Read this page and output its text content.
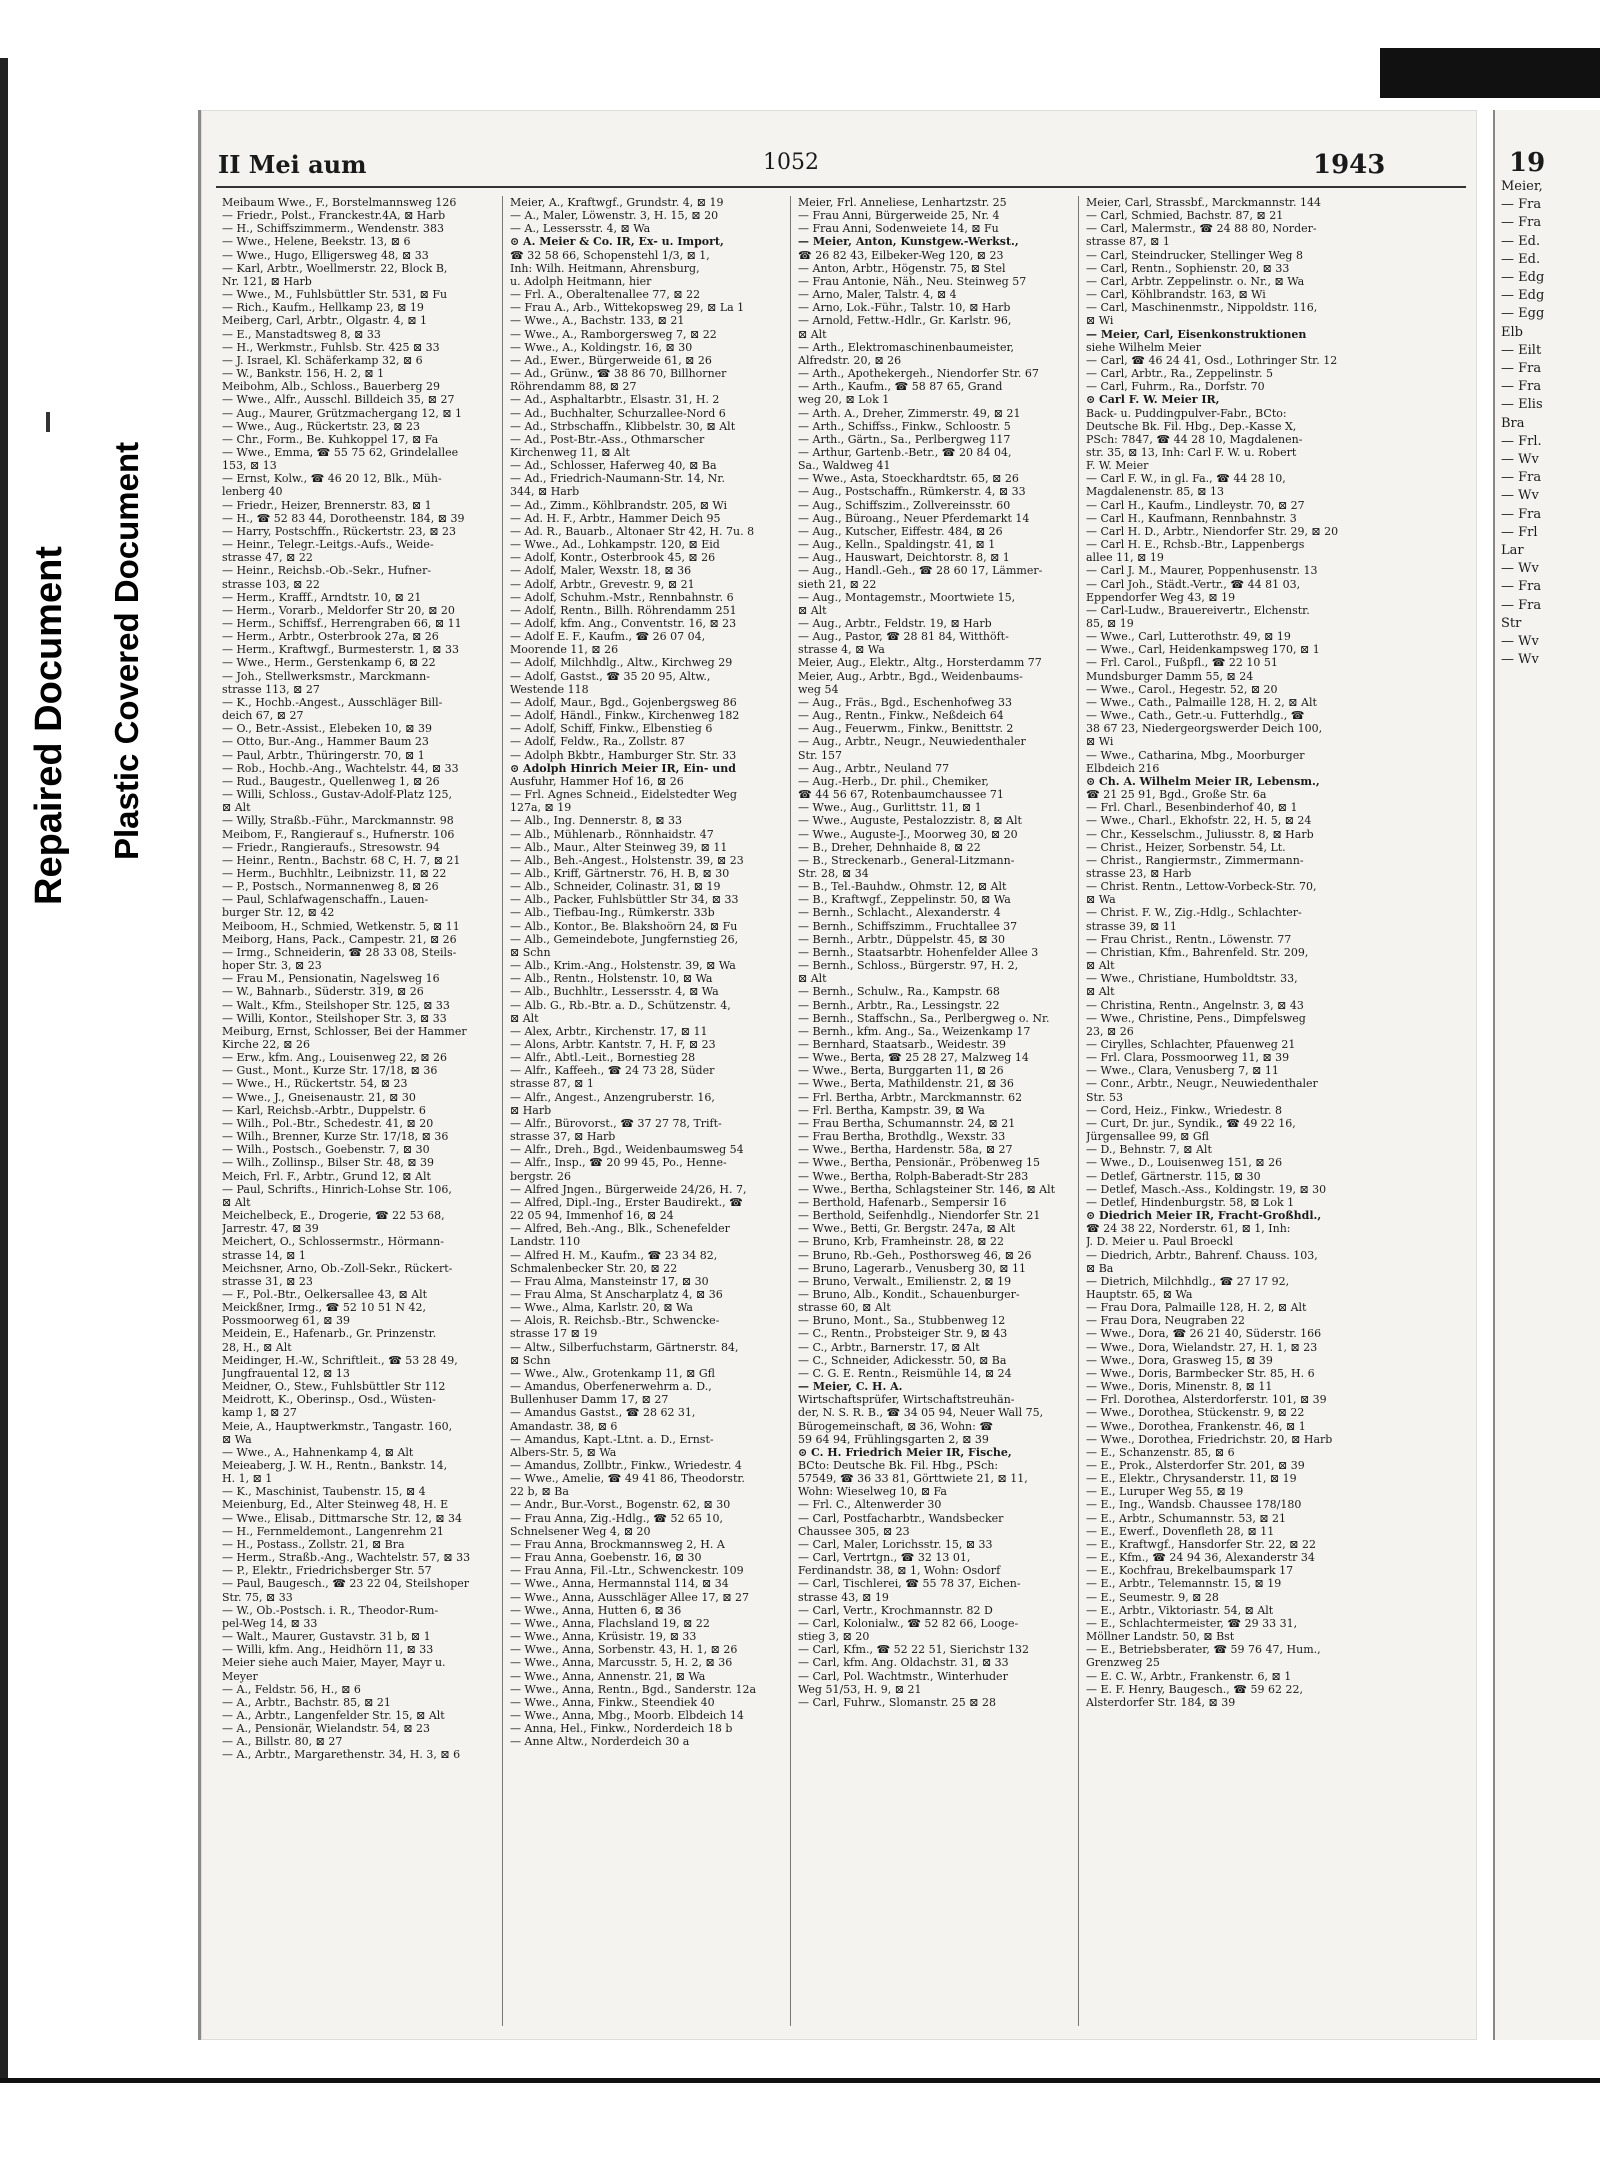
Repaired Document Plastic Covered Document
19
Meier,
— Fra
— Fra
— Ed.
— Ed.
— Edg
— Edg
— Egg
Elb
— Eilt
— Fra
— Fra
— Elis
Bra
— Frl.
— Wv
— Fra
— Wv
— Fra
— Frl
Lar
— Wv
— Fra
— Fra
Str
— Wv
— Wv
II Mei aum	1052	1943
Meibaum Wwe., F., Borstelmannsweg 126
— Friedr., Polst., Franckestr.4A, ⊠ Harb
— H., Schiffszimmerm., Wendenstr. 383
— Wwe., Helene, Beekstr. 13, ⊠ 6
— Wwe., Hugo, Elligersweg 48, ⊠ 33
— Karl, Arbtr., Woellmerstr. 22, Block B,
Nr. 121, ⊠ Harb
— Wwe., M., Fuhlsbüttler Str. 531, ⊠ Fu
— Rich., Kaufm., Hellkamp 23, ⊠ 19
Meiberg, Carl, Arbtr., Olgastr. 4, ⊠ 1
— E., Manstadtsweg 8, ⊠ 33
— H., Werkmstr., Fuhlsb. Str. 425 ⊠ 33
— J. Israel, Kl. Schäferkamp 32, ⊠ 6
— W., Bankstr. 156, H. 2, ⊠ 1
Meibohm, Alb., Schloss., Bauerberg 29
— Wwe., Alfr., Ausschl. Billdeich 35, ⊠ 27
— Aug., Maurer, Grützmachergang 12, ⊠ 1
— Wwe., Aug., Rückertstr. 23, ⊠ 23
— Chr., Form., Be. Kuhkoppel 17, ⊠ Fa
— Wwe., Emma, ☎ 55 75 62, Grindelallee
153, ⊠ 13
— Ernst, Kolw., ☎ 46 20 12, Blk., Müh-
lenberg 40
— Friedr., Heizer, Brennerstr. 83, ⊠ 1
— H., ☎ 52 83 44, Dorotheenstr. 184, ⊠ 39
— Harry, Postschffn., Rückertstr. 23, ⊠ 23
— Heinr., Telegr.-Leitgs.-Aufs., Weide-
strasse 47, ⊠ 22
— Heinr., Reichsb.-Ob.-Sekr., Hufner-
strasse 103, ⊠ 22
— Herm., Krafff., Arndtstr. 10, ⊠ 21
— Herm., Vorarb., Meldorfer Str 20, ⊠ 20
— Herm., Schiffsf., Herrengraben 66, ⊠ 11
— Herm., Arbtr., Osterbrook 27a, ⊠ 26
— Herm., Kraftwgf., Burmesterstr. 1, ⊠ 33
— Wwe., Herm., Gerstenkamp 6, ⊠ 22
— Joh., Stellwerksmstr., Marckmann-
strasse 113, ⊠ 27
— K., Hochb.-Angest., Ausschläger Bill-
deich 67, ⊠ 27
— O., Betr.-Assist., Elebeken 10, ⊠ 39
— Otto, Bur.-Ang., Hammer Baum 23
— Paul, Arbtr., Thüringerstr. 70, ⊠ 1
— Rob., Hochb.-Ang., Wachtelstr. 44, ⊠ 33
— Rud., Baugestr., Quellenweg 1, ⊠ 26
— Willi, Schloss., Gustav-Adolf-Platz 125,
⊠ Alt
— Willy, Straßb.-Führ., Marckmannstr. 98
Meibom, F., Rangierauf s., Hufnerstr. 106
— Friedr., Rangieraufs., Stresowstr. 94
— Heinr., Rentn., Bachstr. 68 C, H. 7, ⊠ 21
— Herm., Buchhltr., Leibnizstr. 11, ⊠ 22
— P., Postsch., Normannenweg 8, ⊠ 26
— Paul, Schlafwagenschaffn., Lauen-
burger Str. 12, ⊠ 42
Meiboom, H., Schmied, Wetkenstr. 5, ⊠ 11
Meiborg, Hans, Pack., Campestr. 21, ⊠ 26
— Irmg., Schneiderin, ☎ 28 33 08, Steils-
hoper Str. 3, ⊠ 23
— Frau M., Pensionatin, Nagelsweg 16
— W., Bahnarb., Süderstr. 319, ⊠ 26
— Walt., Kfm., Steilshoper Str. 125, ⊠ 33
— Willi, Kontor., Steilshoper Str. 3, ⊠ 33
Meiburg, Ernst, Schlosser, Bei der Hammer
Kirche 22, ⊠ 26
— Erw., kfm. Ang., Louisenweg 22, ⊠ 26
— Gust., Mont., Kurze Str. 17/18, ⊠ 36
— Wwe., H., Rückertstr. 54, ⊠ 23
— Wwe., J., Gneisenaustr. 21, ⊠ 30
— Karl, Reichsb.-Arbtr., Duppelstr. 6
— Wilh., Pol.-Btr., Schedestr. 41, ⊠ 20
— Wilh., Brenner, Kurze Str. 17/18, ⊠ 36
— Wilh., Postsch., Goebenstr. 7, ⊠ 30
— Wilh., Zollinsp., Bilser Str. 48, ⊠ 39
Meich, Frl. F., Arbtr., Grund 12, ⊠ Alt
— Paul, Schrifts., Hinrich-Lohse Str. 106,
⊠ Alt
Meichelbeck, E., Drogerie, ☎ 22 53 68,
Jarrestr. 47, ⊠ 39
Meichert, O., Schlossermstr., Hörmann-
strasse 14, ⊠ 1
Meichsner, Arno, Ob.-Zoll-Sekr., Rückert-
strasse 31, ⊠ 23
— F., Pol.-Btr., Oelkersallee 43, ⊠ Alt
Meickßner, Irmg., ☎ 52 10 51 N 42,
Possmoorweg 61, ⊠ 39
Meidein, E., Hafenarb., Gr. Prinzenstr.
28, H., ⊠ Alt
Meidinger, H.-W., Schriftleit., ☎ 53 28 49,
Jungfrauental 12, ⊠ 13
Meidner, O., Stew., Fuhlsbüttler Str 112
Meidrott, K., Oberinsp., Osd., Wüsten-
kamp 1, ⊠ 27
Meie, A., Hauptwerkmstr., Tangastr. 160,
⊠ Wa
— Wwe., A., Hahnenkamp 4, ⊠ Alt
Meieaberg, J. W. H., Rentn., Bankstr. 14,
H. 1, ⊠ 1
— K., Maschinist, Taubenstr. 15, ⊠ 4
Meienburg, Ed., Alter Steinweg 48, H. E
— Wwe., Elisab., Dittmarsche Str. 12, ⊠ 34
— H., Fernmeldemont., Langenrehm 21
— H., Postass., Zollstr. 21, ⊠ Bra
— Herm., Straßb.-Ang., Wachtelstr. 57, ⊠ 33
— P., Elektr., Friedrichsberger Str. 57
— Paul, Baugesch., ☎ 23 22 04, Steilshoper
Str. 75, ⊠ 33
— W., Ob.-Postsch. i. R., Theodor-Rum-
pel-Weg 14, ⊠ 33
— Walt., Maurer, Gustavstr. 31 b, ⊠ 1
— Willi, kfm. Ang., Heidhörn 11, ⊠ 33
Meier siehe auch Maier, Mayer, Mayr u.
Meyer
— A., Feldstr. 56, H., ⊠ 6
— A., Arbtr., Bachstr. 85, ⊠ 21
— A., Arbtr., Langenfelder Str. 15, ⊠ Alt
— A., Pensionär, Wielandstr. 54, ⊠ 23
— A., Billstr. 80, ⊠ 27
— A., Arbtr., Margarethenstr. 34, H. 3, ⊠ 6
Meier, A., Kraftwgf., Grundstr. 4, ⊠ 19
— A., Maler, Löwenstr. 3, H. 15, ⊠ 20
— A., Lessersstr. 4, ⊠ Wa
⊙ A. Meier & Co. IR, Ex- u. Import,
☎ 32 58 66, Schopenstehl 1/3, ⊠ 1,
Inh: Wilh. Heitmann, Ahrensburg,
u. Adolph Heitmann, hier
— Frl. A., Oberaltenallee 77, ⊠ 22
— Frau A., Arb., Wittekopsweg 29, ⊠ La 1
— Wwe., A., Bachstr. 133, ⊠ 21
— Wwe., A., Ramborgersweg 7, ⊠ 22
— Wwe., A., Koldingstr. 16, ⊠ 30
— Ad., Ewer., Bürgerweide 61, ⊠ 26
— Ad., Grünw., ☎ 38 86 70, Billhorner
Röhrendamm 88, ⊠ 27
— Ad., Asphaltarbtr., Elsastr. 31, H. 2
— Ad., Buchhalter, Schurzallee-Nord 6
— Ad., Strbschaffn., Klibbelstr. 30, ⊠ Alt
— Ad., Post-Btr.-Ass., Othmarscher
Kirchenweg 11, ⊠ Alt
— Ad., Schlosser, Haferweg 40, ⊠ Ba
— Ad., Friedrich-Naumann-Str. 14, Nr.
344, ⊠ Harb
— Ad., Zimm., Köhlbrandstr. 205, ⊠ Wi
— Ad. H. F., Arbtr., Hammer Deich 95
— Ad. R., Bauarb., Altonaer Str 42, H. 7u. 8
— Wwe., Ad., Lohkampstr. 120, ⊠ Eid
— Adolf, Kontr., Osterbrook 45, ⊠ 26
— Adolf, Maler, Wexstr. 18, ⊠ 36
— Adolf, Arbtr., Grevestr. 9, ⊠ 21
— Adolf, Schuhm.-Mstr., Rennbahnstr. 6
— Adolf, Rentn., Billh. Röhrendamm 251
— Adolf, kfm. Ang., Conventstr. 16, ⊠ 23
— Adolf E. F., Kaufm., ☎ 26 07 04,
Moorende 11, ⊠ 26
— Adolf, Milchhdlg., Altw., Kirchweg 29
— Adolf, Gastst., ☎ 35 20 95, Altw.,
Westende 118
— Adolf, Maur., Bgd., Gojenbergsweg 86
— Adolf, Händl., Finkw., Kirchenweg 182
— Adolf, Schiff, Finkw., Elbenstieg 6
— Adolf, Feldw., Ra., Zollstr. 87
— Adolph Bkbtr., Hamburger Str. Str. 33
⊙ Adolph Hinrich Meier IR, Ein- und
Ausfuhr, Hammer Hof 16, ⊠ 26
— Frl. Agnes Schneid., Eidelstedter Weg
127a, ⊠ 19
— Alb., Ing. Dennerstr. 8, ⊠ 33
— Alb., Mühlenarb., Rönnhaidstr. 47
— Alb., Maur., Alter Steinweg 39, ⊠ 11
— Alb., Beh.-Angest., Holstenstr. 39, ⊠ 23
— Alb., Kriff, Gärtnerstr. 76, H. B, ⊠ 30
— Alb., Schneider, Colinastr. 31, ⊠ 19
— Alb., Packer, Fuhlsbüttler Str 34, ⊠ 33
— Alb., Tiefbau-Ing., Rümkerstr. 33b
— Alb., Kontor., Be. Blakshoörn 24, ⊠ Fu
— Alb., Gemeindebote, Jungfernstieg 26,
⊠ Schn
— Alb., Krim.-Ang., Holstenstr. 39, ⊠ Wa
— Alb., Rentn., Holstenstr. 10, ⊠ Wa
— Alb., Buchhltr., Lessersstr. 4, ⊠ Wa
— Alb. G., Rb.-Btr. a. D., Schützenstr. 4,
⊠ Alt
— Alex, Arbtr., Kirchenstr. 17, ⊠ 11
— Alons, Arbtr. Kantstr. 7, H. F, ⊠ 23
— Alfr., Abtl.-Leit., Bornestieg 28
— Alfr., Kaffeeh., ☎ 24 73 28, Süder
strasse 87, ⊠ 1
— Alfr., Angest., Anzengruberstr. 16,
⊠ Harb
— Alfr., Bürovorst., ☎ 37 27 78, Trift-
strasse 37, ⊠ Harb
— Alfr., Dreh., Bgd., Weidenbaumsweg 54
— Alfr., Insp., ☎ 20 99 45, Po., Henne-
bergstr. 26
— Alfred Jngen., Bürgerweide 24/26, H. 7,
— Alfred, Dipl.-Ing., Erster Baudirekt., ☎
22 05 94, Immenhof 16, ⊠ 24
— Alfred, Beh.-Ang., Blk., Schenefelder
Landstr. 110
— Alfred H. M., Kaufm., ☎ 23 34 82,
Schmalenbecker Str. 20, ⊠ 22
— Frau Alma, Mansteinstr 17, ⊠ 30
— Frau Alma, St Anscharplatz 4, ⊠ 36
— Wwe., Alma, Karlstr. 20, ⊠ Wa
— Alois, R. Reichsb.-Btr., Schwencke-
strasse 17 ⊠ 19
— Altw., Silberfuchstarm, Gärtnerstr. 84,
⊠ Schn
— Wwe., Alw., Grotenkamp 11, ⊠ Gfl
— Amandus, Oberfenerwehrm a. D.,
Bullenhuser Damm 17, ⊠ 27
— Amandus Gastst., ☎ 28 62 31,
Amandastr. 38, ⊠ 6
— Amandus, Kapt.-Ltnt. a. D., Ernst-
Albers-Str. 5, ⊠ Wa
— Amandus, Zollbtr., Finkw., Wriedestr. 4
— Wwe., Amelie, ☎ 49 41 86, Theodorstr.
22 b, ⊠ Ba
— Andr., Bur.-Vorst., Bogenstr. 62, ⊠ 30
— Frau Anna, Zig.-Hdlg., ☎ 52 65 10,
Schnelsener Weg 4, ⊠ 20
— Frau Anna, Brockmannsweg 2, H. A
— Frau Anna, Goebenstr. 16, ⊠ 30
— Frau Anna, Fil.-Ltr., Schwenckestr. 109
— Wwe., Anna, Hermannstal 114, ⊠ 34
— Wwe., Anna, Ausschläger Allee 17, ⊠ 27
— Wwe., Anna, Hutten 6, ⊠ 36
— Wwe., Anna, Flachsland 19, ⊠ 22
— Wwe., Anna, Krüsistr. 19, ⊠ 33
— Wwe., Anna, Sorbenstr. 43, H. 1, ⊠ 26
— Wwe., Anna, Marcusstr. 5, H. 2, ⊠ 36
— Wwe., Anna, Annenstr. 21, ⊠ Wa
— Wwe., Anna, Rentn., Bgd., Sanderstr. 12a
— Wwe., Anna, Finkw., Steendiek 40
— Wwe., Anna, Mbg., Moorb. Elbdeich 14
— Anna, Hel., Finkw., Norderdeich 18 b
— Anne Altw., Norderdeich 30 a
Meier, Frl. Anneliese, Lenhartzstr. 25
— Frau Anni, Bürgerweide 25, Nr. 4
— Frau Anni, Sodenweiete 14, ⊠ Fu
— Meier, Anton, Kunstgew.-Werkst.,
☎ 26 82 43, Eilbeker-Weg 120, ⊠ 23
— Anton, Arbtr., Högenstr. 75, ⊠ Stel
— Frau Antonie, Näh., Neu. Steinweg 57
— Arno, Maler, Talstr. 4, ⊠ 4
— Arno, Lok.-Führ., Talstr. 10, ⊠ Harb
— Arnold, Fettw.-Hdlr., Gr. Karlstr. 96,
⊠ Alt
— Arth., Elektromaschinenbaumeister,
Alfredstr. 20, ⊠ 26
— Arth., Apothekergeh., Niendorfer Str. 67
— Arth., Kaufm., ☎ 58 87 65, Grand
weg 20, ⊠ Lok 1
— Arth. A., Dreher, Zimmerstr. 49, ⊠ 21
— Arth., Schiffss., Finkw., Schloostr. 5
— Arth., Gärtn., Sa., Perlbergweg 117
— Arthur, Gartenb.-Betr., ☎ 20 84 04,
Sa., Waldweg 41
— Wwe., Asta, Stoeckhardtstr. 65, ⊠ 26
— Aug., Postschaffn., Rümkerstr. 4, ⊠ 33
— Aug., Schiffszim., Zollvereinsstr. 60
— Aug., Büroang., Neuer Pferdemarkt 14
— Aug., Kutscher, Eiffestr. 484, ⊠ 26
— Aug., Kelln., Spaldingstr. 41, ⊠ 1
— Aug., Hauswart, Deichtorstr. 8, ⊠ 1
— Aug., Handl.-Geh., ☎ 28 60 17, Lämmer-
sieth 21, ⊠ 22
— Aug., Montagemstr., Moortwiete 15,
⊠ Alt
— Aug., Arbtr., Feldstr. 19, ⊠ Harb
— Aug., Pastor, ☎ 28 81 84, Witthöft-
strasse 4, ⊠ Wa
Meier, Aug., Elektr., Altg., Horsterdamm 77
Meier, Aug., Arbtr., Bgd., Weidenbaums-
weg 54
— Aug., Fräs., Bgd., Eschenhofweg 33
— Aug., Rentn., Finkw., Neßdeich 64
— Aug., Feuerwm., Finkw., Benittstr. 2
— Aug., Arbtr., Neugr., Neuwiedenthaler
Str. 157
— Aug., Arbtr., Neuland 77
— Aug.-Herb., Dr. phil., Chemiker,
☎ 44 56 67, Rotenbaumchaussee 71
— Wwe., Aug., Gurlittstr. 11, ⊠ 1
— Wwe., Auguste, Pestalozzistr. 8, ⊠ Alt
— Wwe., Auguste-J., Moorweg 30, ⊠ 20
— B., Dreher, Dehnhaide 8, ⊠ 22
— B., Streckenarb., General-Litzmann-
Str. 28, ⊠ 34
— B., Tel.-Bauhdw., Ohmstr. 12, ⊠ Alt
— B., Kraftwgf., Zeppelinstr. 50, ⊠ Wa
— Bernh., Schlacht., Alexanderstr. 4
— Bernh., Schiffszimm., Fruchtallee 37
— Bernh., Arbtr., Düppelstr. 45, ⊠ 30
— Bernh., Staatsarbtr. Hohenfelder Allee 3
— Bernh., Schloss., Bürgerstr. 97, H. 2,
⊠ Alt
— Bernh., Schulw., Ra., Kampstr. 68
— Bernh., Arbtr., Ra., Lessingstr. 22
— Bernh., Staffschn., Sa., Perlbergweg o. Nr.
— Bernh., kfm. Ang., Sa., Weizenkamp 17
— Bernhard, Staatsarb., Weidestr. 39
— Wwe., Berta, ☎ 25 28 27, Malzweg 14
— Wwe., Berta, Burggarten 11, ⊠ 26
— Wwe., Berta, Mathildenstr. 21, ⊠ 36
— Frl. Bertha, Arbtr., Marckmannstr. 62
— Frl. Bertha, Kampstr. 39, ⊠ Wa
— Frau Bertha, Schumannstr. 24, ⊠ 21
— Frau Bertha, Brothdlg., Wexstr. 33
— Wwe., Bertha, Hardenstr. 58a, ⊠ 27
— Wwe., Bertha, Pensionär., Pröbenweg 15
— Wwe., Bertha, Rolph-Baberadt-Str 283
— Wwe., Bertha, Schlagsteiner Str. 146, ⊠ Alt
— Berthold, Hafenarb., Sempersir 16
— Berthold, Seifenhdlg., Niendorfer Str. 21
— Wwe., Betti, Gr. Bergstr. 247a, ⊠ Alt
— Bruno, Krb, Framheinstr. 28, ⊠ 22
— Bruno, Rb.-Geh., Posthorsweg 46, ⊠ 26
— Bruno, Lagerarb., Venusberg 30, ⊠ 11
— Bruno, Verwalt., Emilienstr. 2, ⊠ 19
— Bruno, Alb., Kondit., Schauenburger-
strasse 60, ⊠ Alt
— Bruno, Mont., Sa., Stubbenweg 12
— C., Rentn., Probsteiger Str. 9, ⊠ 43
— C., Arbtr., Barnerstr. 17, ⊠ Alt
— C., Schneider, Adickesstr. 50, ⊠ Ba
— C. G. E. Rentn., Reismühle 14, ⊠ 24
— Meier, C. H. A.
Wirtschaftsprüfer, Wirtschaftstreuhän-
der, N. S. R. B., ☎ 34 05 94, Neuer Wall 75,
Bürogemeinschaft, ⊠ 36, Wohn: ☎
59 64 94, Frühlingsgarten 2, ⊠ 39
⊙ C. H. Friedrich Meier IR, Fische,
BCto: Deutsche Bk. Fil. Hbg., PSch:
57549, ☎ 36 33 81, Görttwiete 21, ⊠ 11,
Wohn: Wieselweg 10, ⊠ Fa
— Frl. C., Altenwerder 30
— Carl, Postfacharbtr., Wandsbecker
Chaussee 305, ⊠ 23
— Carl, Maler, Lorichsstr. 15, ⊠ 33
— Carl, Vertrtgn., ☎ 32 13 01,
Ferdinandstr. 38, ⊠ 1, Wohn: Osdorf
— Carl, Tischlerei, ☎ 55 78 37, Eichen-
strasse 43, ⊠ 19
— Carl, Vertr., Krochmannstr. 82 D
— Carl, Kolonialw., ☎ 52 82 66, Looge-
stieg 3, ⊠ 20
— Carl, Kfm., ☎ 52 22 51, Sierichstr 132
— Carl, kfm. Ang. Oldachstr. 31, ⊠ 33
— Carl, Pol. Wachtmstr., Winterhuder
Weg 51/53, H. 9, ⊠ 21
— Carl, Fuhrw., Slomanstr. 25 ⊠ 28
Meier, Carl, Strassbf., Marckmannstr. 144
— Carl, Schmied, Bachstr. 87, ⊠ 21
— Carl, Malermstr., ☎ 24 88 80, Norder-
strasse 87, ⊠ 1
— Carl, Steindrucker, Stellinger Weg 8
— Carl, Rentn., Sophienstr. 20, ⊠ 33
— Carl, Arbtr. Zeppelinstr. o. Nr., ⊠ Wa
— Carl, Köhlbrandstr. 163, ⊠ Wi
— Carl, Maschinenmstr., Nippoldstr. 116,
⊠ Wi
— Meier, Carl, Eisenkonstruktionen
siehe Wilhelm Meier
— Carl, ☎ 46 24 41, Osd., Lothringer Str. 12
— Carl, Arbtr., Ra., Zeppelinstr. 5
— Carl, Fuhrm., Ra., Dorfstr. 70
⊙ Carl F. W. Meier IR,
Back- u. Puddingpulver-Fabr., BCto:
Deutsche Bk. Fil. Hbg., Dep.-Kasse X,
PSch: 7847, ☎ 44 28 10, Magdalenen-
str. 35, ⊠ 13, Inh: Carl F. W. u. Robert
F. W. Meier
— Carl F. W., in gl. Fa., ☎ 44 28 10,
Magdalenenstr. 85, ⊠ 13
— Carl H., Kaufm., Lindleystr. 70, ⊠ 27
— Carl H., Kaufmann, Rennbahnstr. 3
— Carl H. D., Arbtr., Niendorfer Str. 29, ⊠ 20
— Carl H. E., Rchsb.-Btr., Lappenbergs
allee 11, ⊠ 19
— Carl J. M., Maurer, Poppenhusenstr. 13
— Carl Joh., Städt.-Vertr., ☎ 44 81 03,
Eppendorfer Weg 43, ⊠ 19
— Carl-Ludw., Brauereivertr., Elchenstr.
85, ⊠ 19
— Wwe., Carl, Lutterothstr. 49, ⊠ 19
— Wwe., Carl, Heidenkampsweg 170, ⊠ 1
— Frl. Carol., Fußpfl., ☎ 22 10 51
Mundsburger Damm 55, ⊠ 24
— Wwe., Carol., Hegestr. 52, ⊠ 20
— Wwe., Cath., Palmaille 128, H. 2, ⊠ Alt
— Wwe., Cath., Getr.-u. Futterhdlg., ☎
38 67 23, Niedergeorgswerder Deich 100,
⊠ Wi
— Wwe., Catharina, Mbg., Moorburger
Elbdeich 216
⊙ Ch. A. Wilhelm Meier IR, Lebensm.,
☎ 21 25 91, Bgd., Große Str. 6a
— Frl. Charl., Besenbinderhof 40, ⊠ 1
— Wwe., Charl., Ekhofstr. 22, H. 5, ⊠ 24
— Chr., Kesselschm., Juliusstr. 8, ⊠ Harb
— Christ., Heizer, Sorbenstr. 54, Lt.
— Christ., Rangiermstr., Zimmermann-
strasse 23, ⊠ Harb
— Christ. Rentn., Lettow-Vorbeck-Str. 70,
⊠ Wa
— Christ. F. W., Zig.-Hdlg., Schlachter-
strasse 39, ⊠ 11
— Frau Christ., Rentn., Löwenstr. 77
— Christian, Kfm., Bahrenfeld. Str. 209,
⊠ Alt
— Wwe., Christiane, Humboldtstr. 33,
⊠ Alt
— Christina, Rentn., Angelnstr. 3, ⊠ 43
— Wwe., Christine, Pens., Dimpfelsweg
23, ⊠ 26
— Cirylles, Schlachter, Pfauenweg 21
— Frl. Clara, Possmoorweg 11, ⊠ 39
— Wwe., Clara, Venusberg 7, ⊠ 11
— Conr., Arbtr., Neugr., Neuwiedenthaler
Str. 53
— Cord, Heiz., Finkw., Wriedestr. 8
— Curt, Dr. jur., Syndik., ☎ 49 22 16,
Jürgensallee 99, ⊠ Gfl
— D., Behnstr. 7, ⊠ Alt
— Wwe., D., Louisenweg 151, ⊠ 26
— Detlef, Gärtnerstr. 115, ⊠ 30
— Detlef, Masch.-Ass., Koldingstr. 19, ⊠ 30
— Detlef, Hindenburgstr. 58, ⊠ Lok 1
⊙ Diedrich Meier IR, Fracht-Großhdl.,
☎ 24 38 22, Norderstr. 61, ⊠ 1, Inh:
J. D. Meier u. Paul Broeckl
— Diedrich, Arbtr., Bahrenf. Chauss. 103,
⊠ Ba
— Dietrich, Milchhdlg., ☎ 27 17 92,
Hauptstr. 65, ⊠ Wa
— Frau Dora, Palmaille 128, H. 2, ⊠ Alt
— Frau Dora, Neugraben 22
— Wwe., Dora, ☎ 26 21 40, Süderstr. 166
— Wwe., Dora, Wielandstr. 27, H. 1, ⊠ 23
— Wwe., Dora, Grasweg 15, ⊠ 39
— Wwe., Doris, Barmbecker Str. 85, H. 6
— Wwe., Doris, Minenstr. 8, ⊠ 11
— Frl. Dorothea, Alsterdorferstr. 101, ⊠ 39
— Wwe., Dorothea, Stückenstr. 9, ⊠ 22
— Wwe., Dorothea, Frankenstr. 46, ⊠ 1
— Wwe., Dorothea, Friedrichstr. 20, ⊠ Harb
— E., Schanzenstr. 85, ⊠ 6
— E., Prok., Alsterdorfer Str. 201, ⊠ 39
— E., Elektr., Chrysanderstr. 11, ⊠ 19
— E., Luruper Weg 55, ⊠ 19
— E., Ing., Wandsb. Chaussee 178/180
— E., Arbtr., Schumannstr. 53, ⊠ 21
— E., Ewerf., Dovenfleth 28, ⊠ 11
— E., Kraftwgf., Hansdorfer Str. 22, ⊠ 22
— E., Kfm., ☎ 24 94 36, Alexanderstr 34
— E., Kochfrau, Brekelbaumspark 17
— E., Arbtr., Telemannstr. 15, ⊠ 19
— E., Seumestr. 9, ⊠ 28
— E., Arbtr., Viktoriastr. 54, ⊠ Alt
— E., Schlachtermeister, ☎ 29 33 31,
Möllner Landstr. 50, ⊠ Bst
— E., Betriebsberater, ☎ 59 76 47, Hum.,
Grenzweg 25
— E. C. W., Arbtr., Frankenstr. 6, ⊠ 1
— E. F. Henry, Baugesch., ☎ 59 62 22,
Alsterdorfer Str. 184, ⊠ 39
